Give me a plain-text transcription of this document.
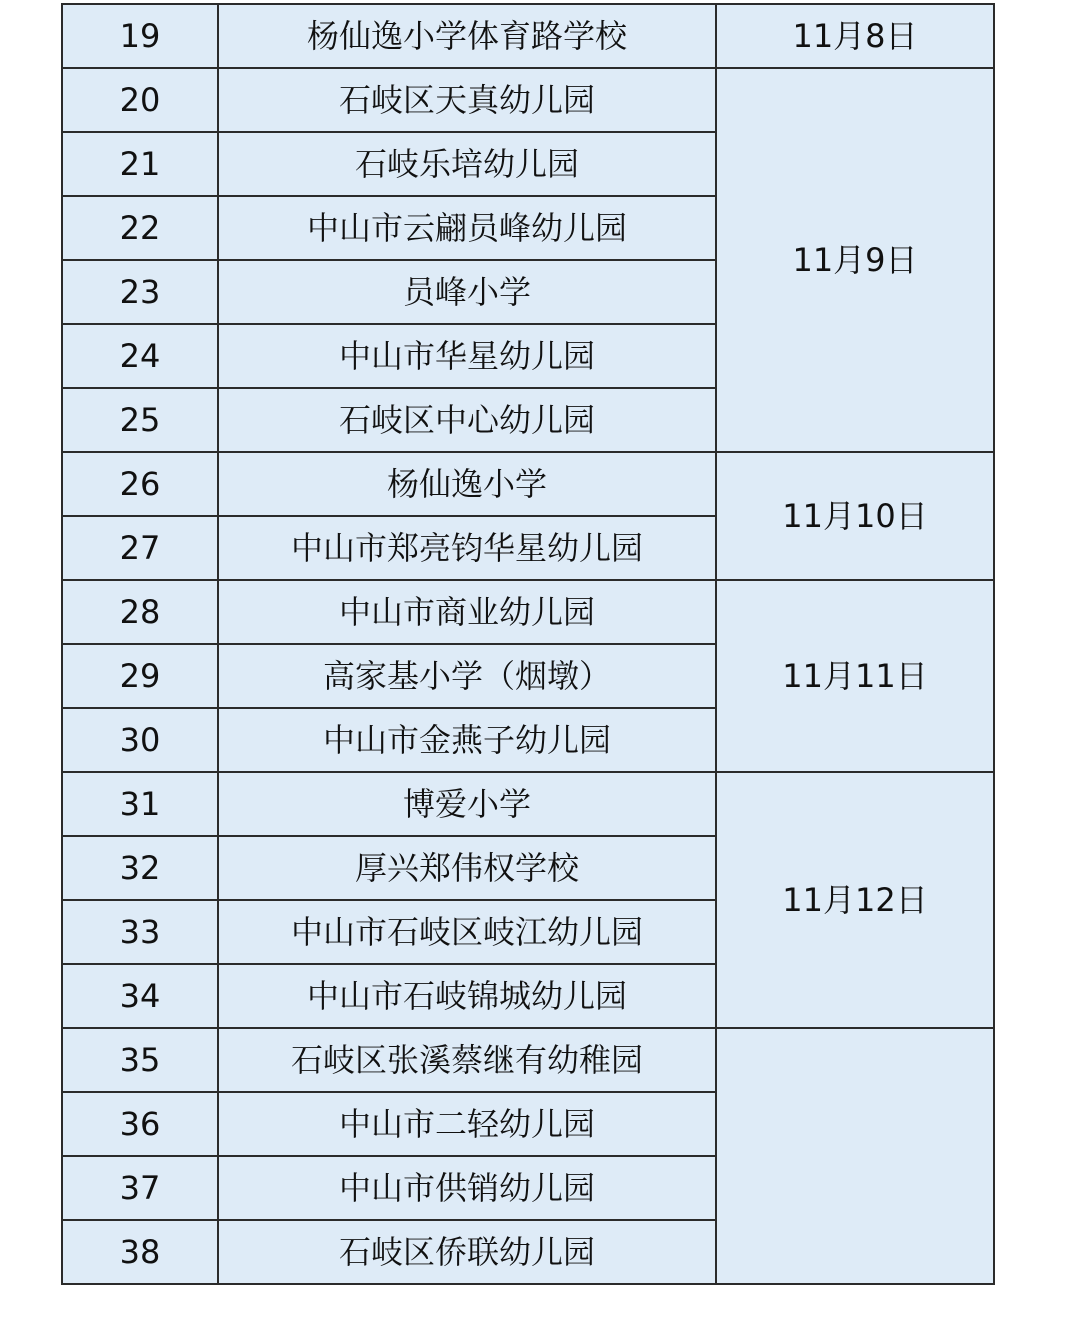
19	杨仙逸小学体育路学校	11月8日
20	石岐区天真幼儿园	11月9日
21	石岐乐培幼儿园	
22	中山市云翩员峰幼儿园	
23	员峰小学	
24	中山市华星幼儿园	
25	石岐区中心幼儿园	
26	杨仙逸小学	11月10日
27	中山市郑亮钧华星幼儿园	
28	中山市商业幼儿园	11月11日
29	高家基小学（烟墩）	
30	中山市金燕子幼儿园	
31	博爱小学	11月12日
32	厚兴郑伟权学校	
33	中山市石岐区岐江幼儿园	
34	中山市石岐锦城幼儿园	
35	石岐区张溪蔡继有幼稚园	
36	中山市二轻幼儿园	
37	中山市供销幼儿园	
38	石岐区侨联幼儿园	
